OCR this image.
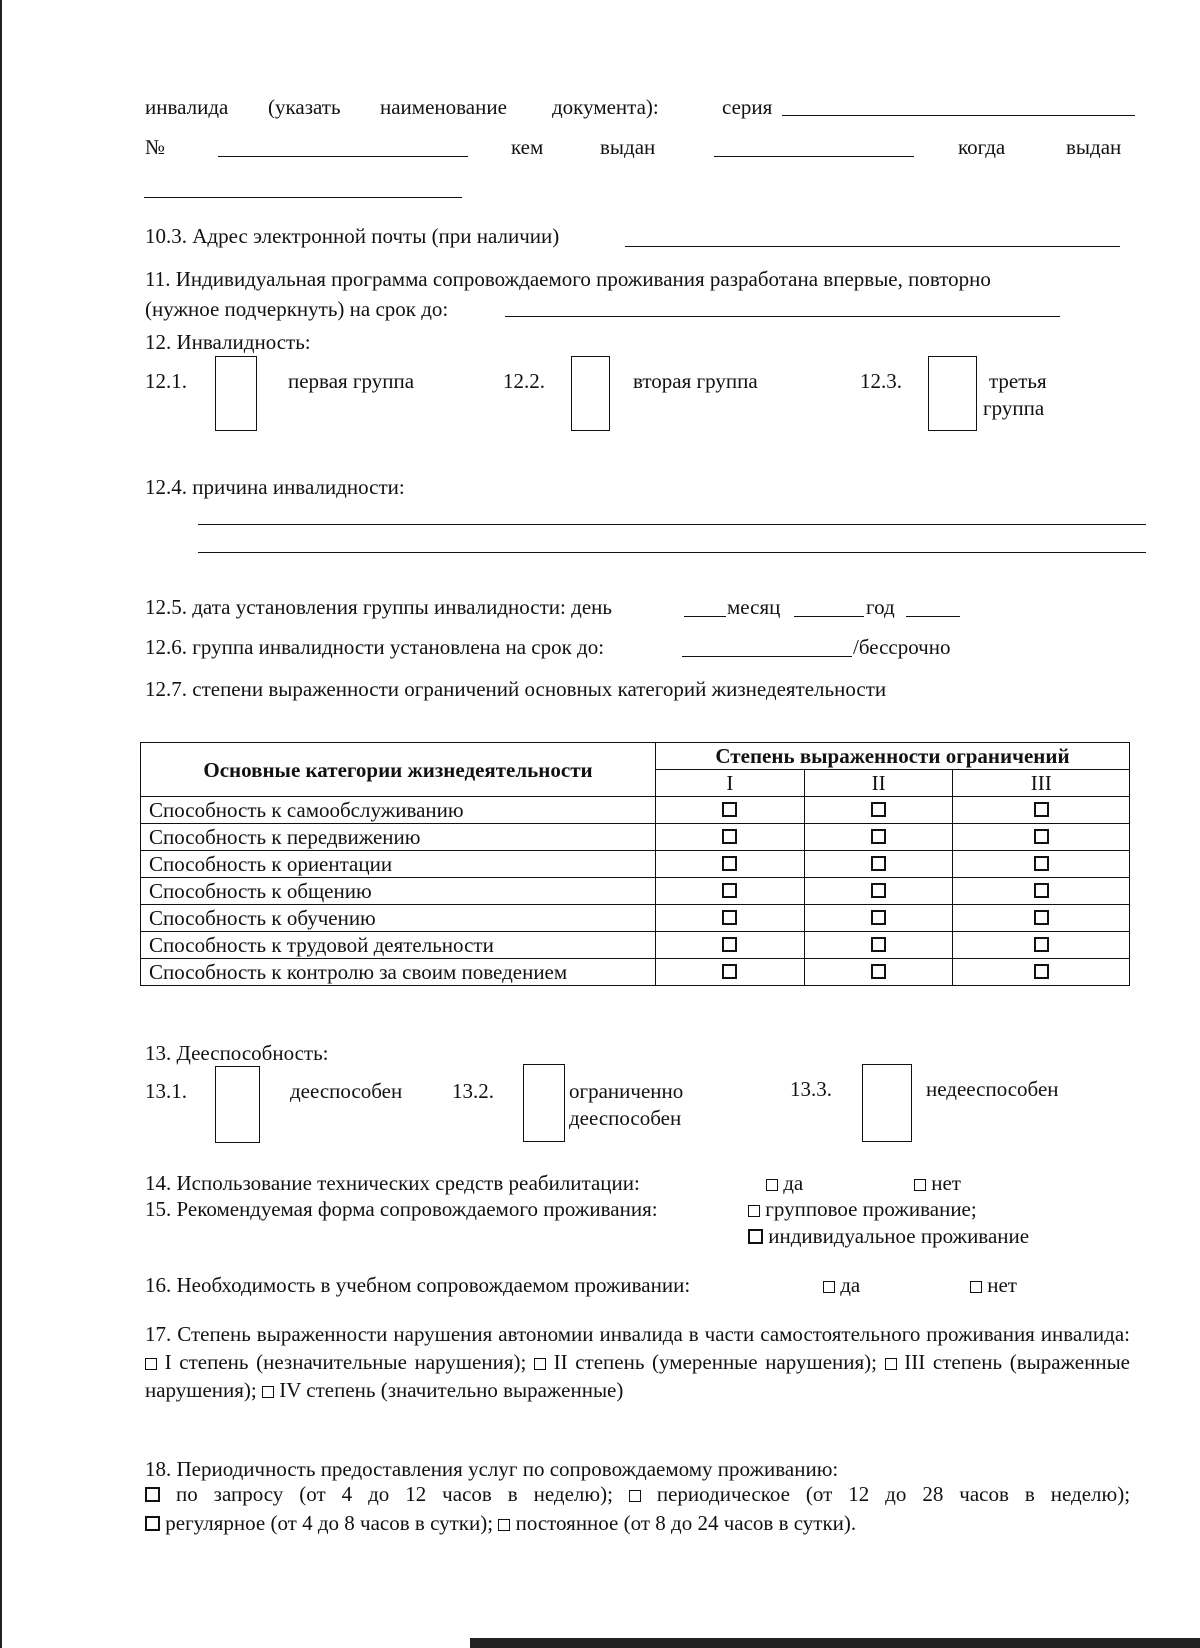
инвалида (указать наименование документа):	серия
№	кем	выдан	когда	выдан
10.3. Адрес электронной почты (при наличии)
11. Индивидуальная программа сопровождаемого проживания разработана впервые, повторно
(нужное подчеркнуть) на срок до:
12. Инвалидность:
12.1.	первая группа	12.2.	вторая группа	12.3.	третья
группа
12.4. причина инвалидности:
12.5. дата установления группы инвалидности: день	месяц	год
12.6. группа инвалидности установлена на срок до:	/бессрочно
12.7. степени выраженности ограничений основных категорий жизнедеятельности
Основные категории жизнедеятельности	Степень выраженности ограничений		
	I	II	III
Способность к самообслуживанию			
Способность к передвижению			
Способность к ориентации			
Способность к общению			
Способность к обучению			
Способность к трудовой деятельности			
Способность к контролю за своим поведением			
13. Дееспособность:
13.1.	дееспособен 13.2.	ограниченно
дееспособен
13.3.	недееспособен
14. Использование технических средств реабилитации:	да	нет
15. Рекомендуемая форма сопровождаемого проживания:	групповое проживание;
индивидуальное проживание
16. Необходимость в учебном сопровождаемом проживании:	да	нет
17. Степень выраженности нарушения автономии инвалида в части самостоятельного проживания инвалида:  I степень (незначительные нарушения); II степень (умеренные нарушения); III степень (выраженные нарушения); IV степень (значительно выраженные)
18. Периодичность предоставления услуг по сопровождаемому проживанию:
по запросу (от 4 до 12 часов в неделю); периодическое (от 12 до 28 часов в неделю);
регулярное (от 4 до 8 часов в сутки); постоянное (от 8 до 24 часов в сутки).
